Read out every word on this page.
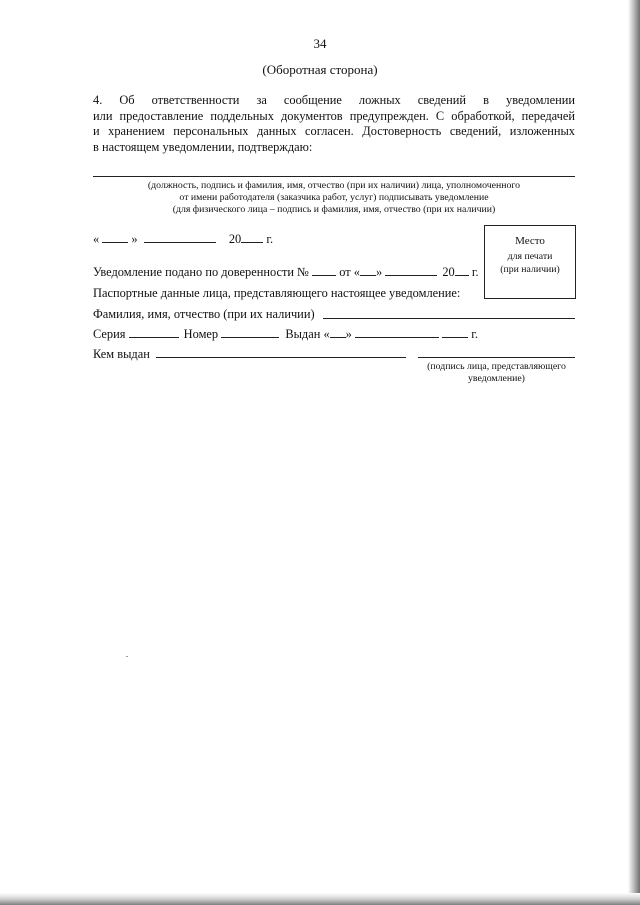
34
(Оборотная сторона)
4. Об ответственности за сообщение ложных сведений в уведомлении
или предоставление поддельных документов предупрежден. С обработкой, передачей
и хранением персональных данных согласен. Достоверность сведений, изложенных
в настоящем уведомлении, подтверждаю:
(должность, подпись и фамилия, имя, отчество (при их наличии) лица, уполномоченного
от имени работодателя (заказчика работ, услуг) подписывать уведомление
(для физического лица – подпись и фамилия, имя, отчество (при их наличии)
«	»	20 г.	Место
для печати
(при наличии)
Уведомление подано по доверенности № от « »	20 г.
Паспортные данные лица, представляющего настоящее уведомление:
Фамилия, имя, отчество (при их наличии)
Серия	Номер	Выдан « »	г.
Кем выдан
(подпись лица, представляющего
уведомление)
